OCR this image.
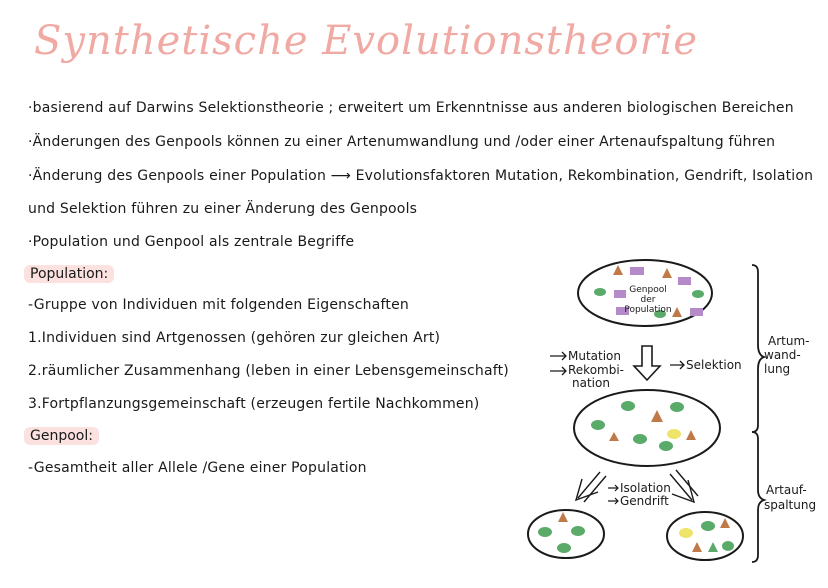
Synthetische Evolutionstheorie
·basierend auf Darwins Selektionstheorie ; erweitert um Erkenntnisse aus anderen biologischen Bereichen
·Änderungen des Genpools können zu einer Artenumwandlung und /oder einer Artenaufspaltung führen
·Änderung des Genpools einer Population ⟶ Evolutionsfaktoren Mutation, Rekombination, Gendrift, Isolation
und Selektion führen zu einer Änderung des Genpools
·Population und Genpool als zentrale Begriffe
Population:
-Gruppe von Individuen mit folgenden Eigenschaften
1.Individuen sind Artgenossen (gehören zur gleichen Art)
2.räumlicher Zusammenhang (leben in einer Lebensgemeinschaft)
3.Fortpflanzungsgemeinschaft (erzeugen fertile Nachkommen)
Genpool:
-Gesamtheit aller Allele /Gene einer Population
Genpool
der
Population
Mutation
Rekombi-
nation
Selektion
Isolation
Gendrift
Artum-
wand-
lung
Artauf-
spaltung
